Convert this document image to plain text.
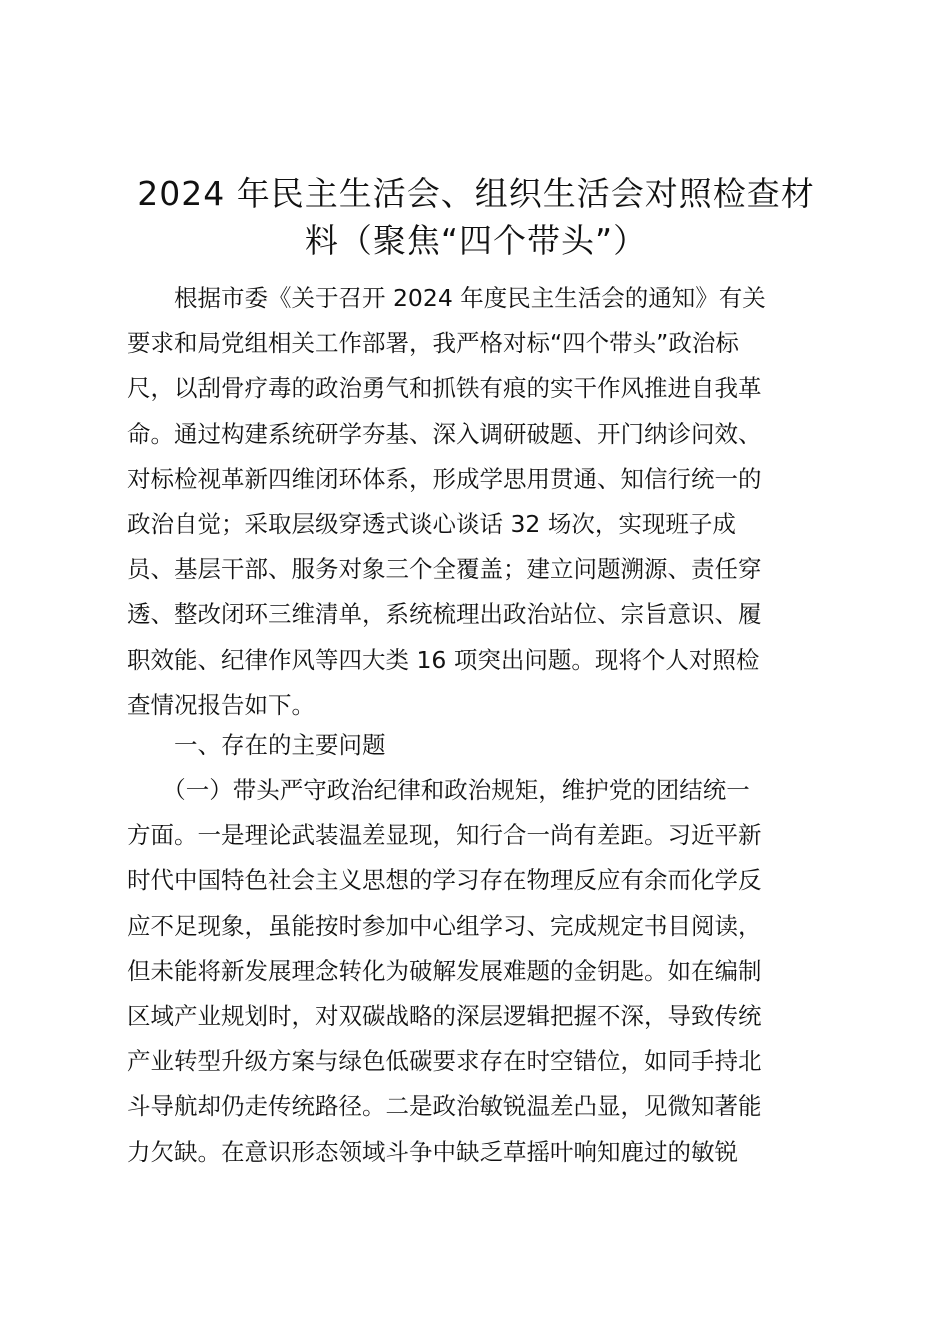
2024 年民主生活会、组织生活会对照检查材
料（聚焦“四个带头”）
　　根据市委《关于召开 2024 年度民主生活会的通知》有关
要求和局党组相关工作部署，我严格对标“四个带头”政治标
尺，以刮骨疗毒的政治勇气和抓铁有痕的实干作风推进自我革
命。通过构建系统研学夯基、深入调研破题、开门纳诊问效、
对标检视革新四维闭环体系，形成学思用贯通、知信行统一的
政治自觉；采取层级穿透式谈心谈话 32 场次，实现班子成
员、基层干部、服务对象三个全覆盖；建立问题溯源、责任穿
透、整改闭环三维清单，系统梳理出政治站位、宗旨意识、履
职效能、纪律作风等四大类 16 项突出问题。现将个人对照检
查情况报告如下。
　　一、存在的主要问题
　　（一）带头严守政治纪律和政治规矩，维护党的团结统一
方面。一是理论武装温差显现，知行合一尚有差距。习近平新
时代中国特色社会主义思想的学习存在物理反应有余而化学反
应不足现象，虽能按时参加中心组学习、完成规定书目阅读，
但未能将新发展理念转化为破解发展难题的金钥匙。如在编制
区域产业规划时，对双碳战略的深层逻辑把握不深，导致传统
产业转型升级方案与绿色低碳要求存在时空错位，如同手持北
斗导航却仍走传统路径。二是政治敏锐温差凸显，见微知著能
力欠缺。在意识形态领域斗争中缺乏草摇叶响知鹿过的敏锐
